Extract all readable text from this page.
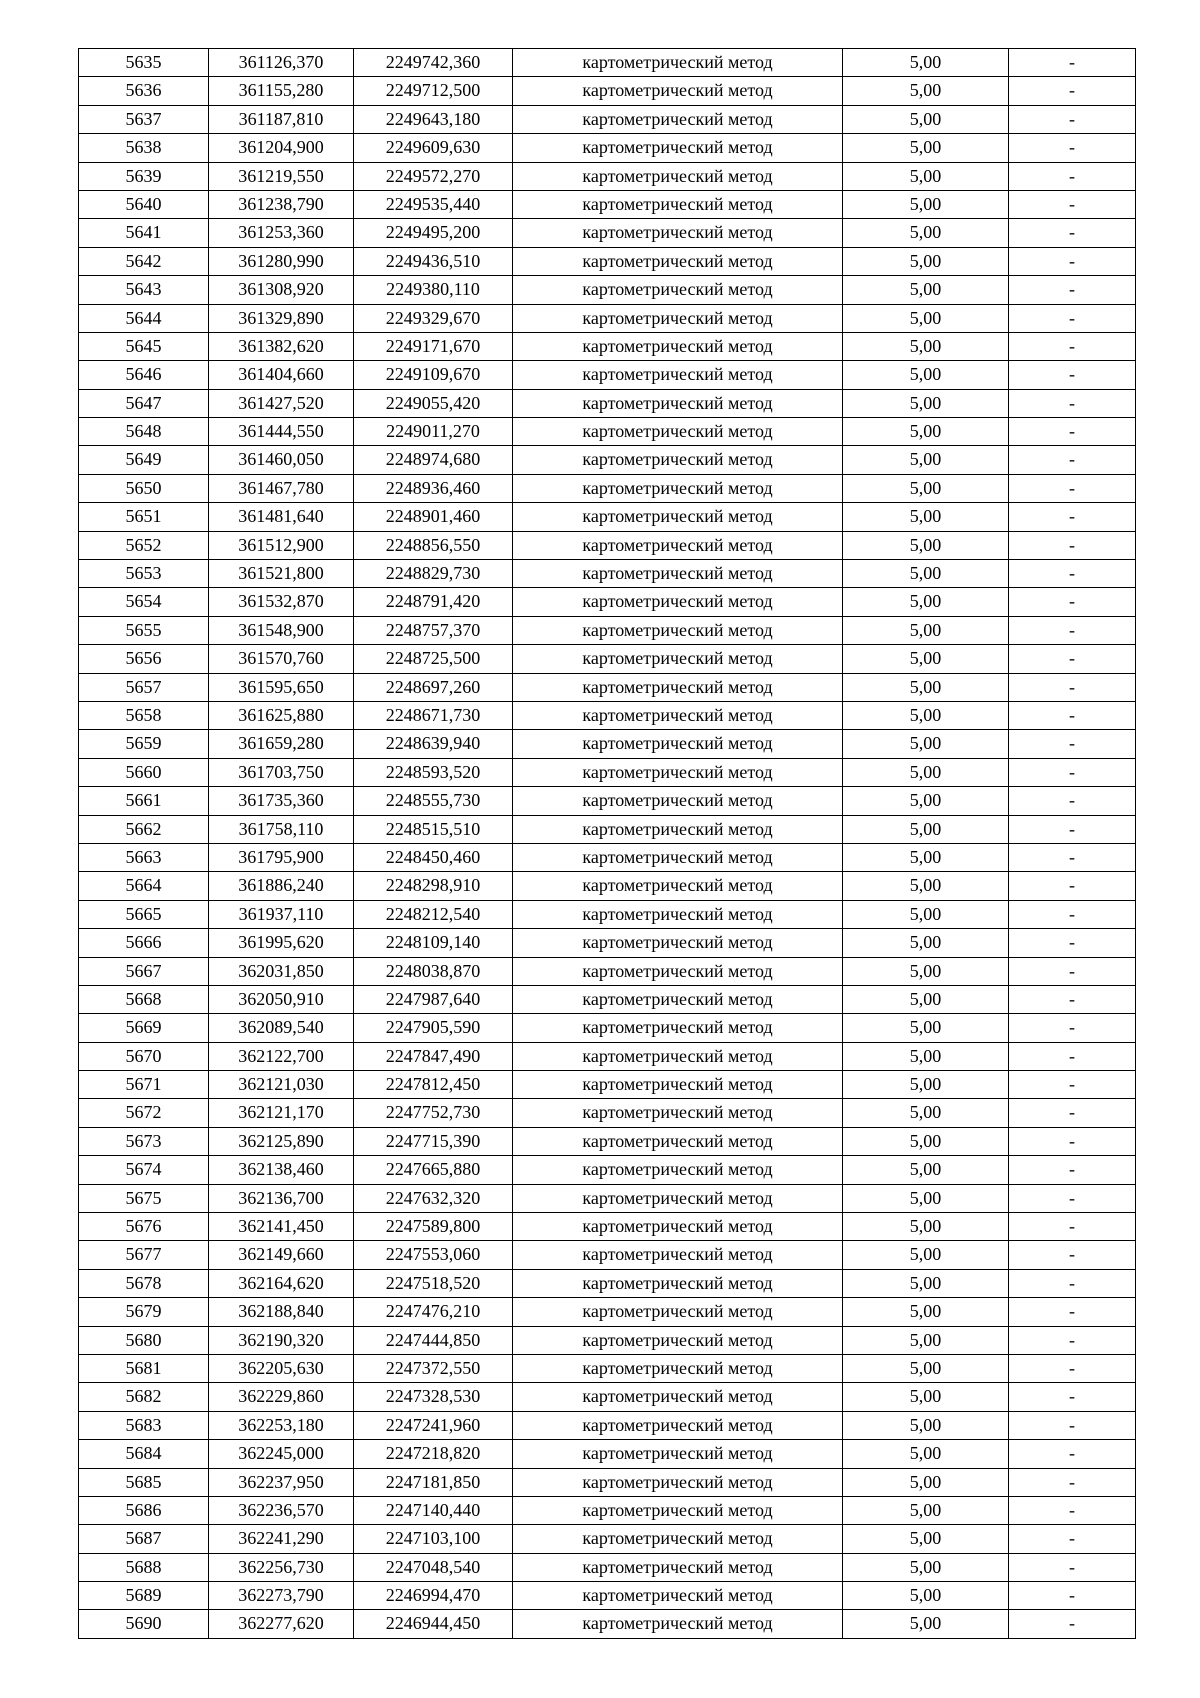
5635	361126,370	2249742,360	картометрический метод	5,00	-
5636	361155,280	2249712,500	картометрический метод	5,00	-
5637	361187,810	2249643,180	картометрический метод	5,00	-
5638	361204,900	2249609,630	картометрический метод	5,00	-
5639	361219,550	2249572,270	картометрический метод	5,00	-
5640	361238,790	2249535,440	картометрический метод	5,00	-
5641	361253,360	2249495,200	картометрический метод	5,00	-
5642	361280,990	2249436,510	картометрический метод	5,00	-
5643	361308,920	2249380,110	картометрический метод	5,00	-
5644	361329,890	2249329,670	картометрический метод	5,00	-
5645	361382,620	2249171,670	картометрический метод	5,00	-
5646	361404,660	2249109,670	картометрический метод	5,00	-
5647	361427,520	2249055,420	картометрический метод	5,00	-
5648	361444,550	2249011,270	картометрический метод	5,00	-
5649	361460,050	2248974,680	картометрический метод	5,00	-
5650	361467,780	2248936,460	картометрический метод	5,00	-
5651	361481,640	2248901,460	картометрический метод	5,00	-
5652	361512,900	2248856,550	картометрический метод	5,00	-
5653	361521,800	2248829,730	картометрический метод	5,00	-
5654	361532,870	2248791,420	картометрический метод	5,00	-
5655	361548,900	2248757,370	картометрический метод	5,00	-
5656	361570,760	2248725,500	картометрический метод	5,00	-
5657	361595,650	2248697,260	картометрический метод	5,00	-
5658	361625,880	2248671,730	картометрический метод	5,00	-
5659	361659,280	2248639,940	картометрический метод	5,00	-
5660	361703,750	2248593,520	картометрический метод	5,00	-
5661	361735,360	2248555,730	картометрический метод	5,00	-
5662	361758,110	2248515,510	картометрический метод	5,00	-
5663	361795,900	2248450,460	картометрический метод	5,00	-
5664	361886,240	2248298,910	картометрический метод	5,00	-
5665	361937,110	2248212,540	картометрический метод	5,00	-
5666	361995,620	2248109,140	картометрический метод	5,00	-
5667	362031,850	2248038,870	картометрический метод	5,00	-
5668	362050,910	2247987,640	картометрический метод	5,00	-
5669	362089,540	2247905,590	картометрический метод	5,00	-
5670	362122,700	2247847,490	картометрический метод	5,00	-
5671	362121,030	2247812,450	картометрический метод	5,00	-
5672	362121,170	2247752,730	картометрический метод	5,00	-
5673	362125,890	2247715,390	картометрический метод	5,00	-
5674	362138,460	2247665,880	картометрический метод	5,00	-
5675	362136,700	2247632,320	картометрический метод	5,00	-
5676	362141,450	2247589,800	картометрический метод	5,00	-
5677	362149,660	2247553,060	картометрический метод	5,00	-
5678	362164,620	2247518,520	картометрический метод	5,00	-
5679	362188,840	2247476,210	картометрический метод	5,00	-
5680	362190,320	2247444,850	картометрический метод	5,00	-
5681	362205,630	2247372,550	картометрический метод	5,00	-
5682	362229,860	2247328,530	картометрический метод	5,00	-
5683	362253,180	2247241,960	картометрический метод	5,00	-
5684	362245,000	2247218,820	картометрический метод	5,00	-
5685	362237,950	2247181,850	картометрический метод	5,00	-
5686	362236,570	2247140,440	картометрический метод	5,00	-
5687	362241,290	2247103,100	картометрический метод	5,00	-
5688	362256,730	2247048,540	картометрический метод	5,00	-
5689	362273,790	2246994,470	картометрический метод	5,00	-
5690	362277,620	2246944,450	картометрический метод	5,00	-
